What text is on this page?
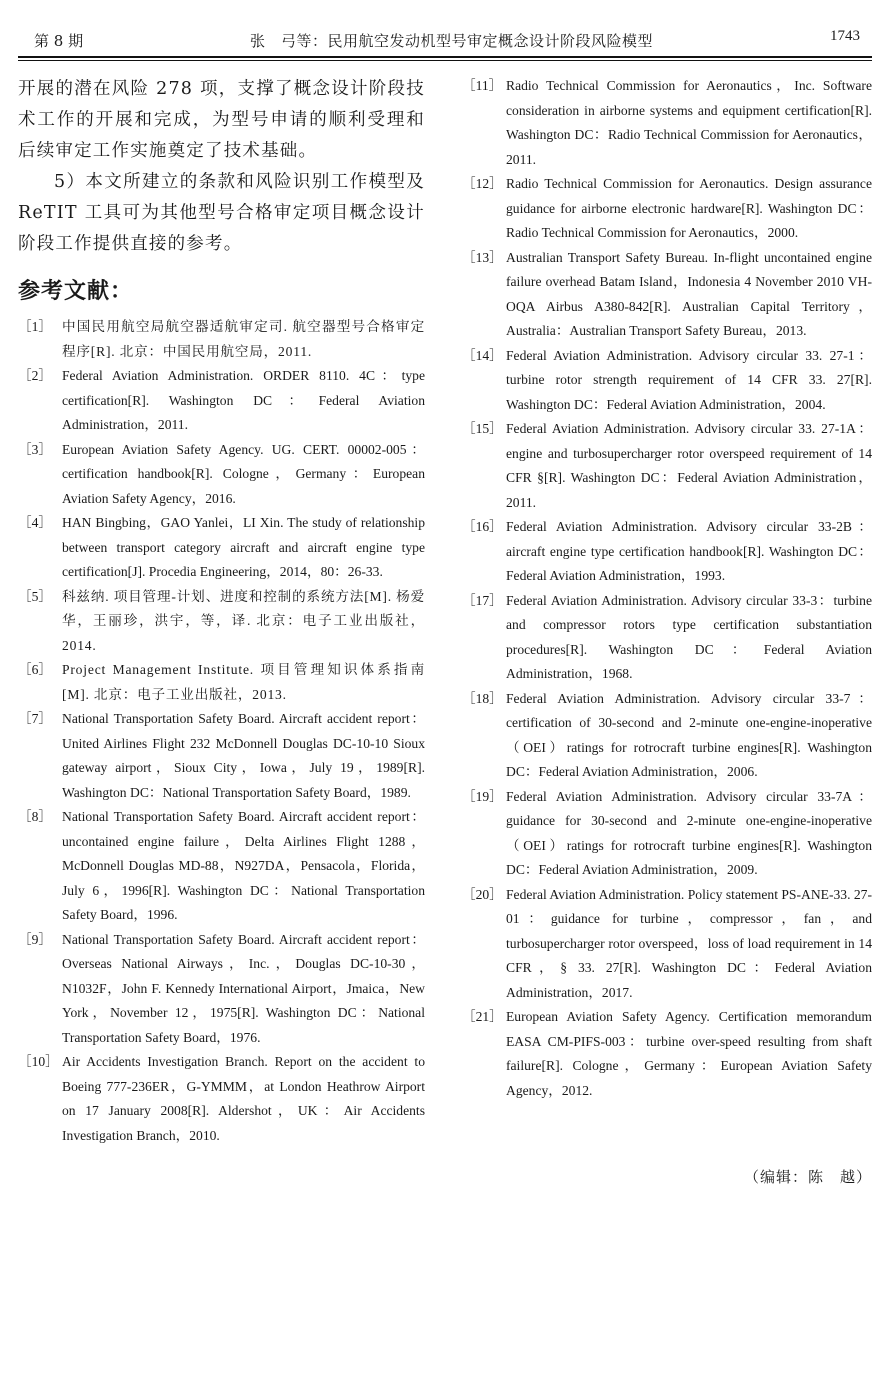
第 8 期	张　弓等：民用航空发动机型号审定概念设计阶段风险模型	1743

开展的潜在风险 278 项，支撑了概念设计阶段技术工作的开展和完成，为型号申请的顺利受理和后续审定工作实施奠定了技术基础。

5）本文所建立的条款和风险识别工作模型及 ReTIT 工具可为其他型号合格审定项目概念设计阶段工作提供直接的参考。

参考文献：

［1］ 中国民用航空局航空器适航审定司. 航空器型号合格审定程序[R]. 北京：中国民用航空局，2011.

［2］ Federal Aviation Administration. ORDER 8110. 4C：type certification[R]. Washington DC：Federal Aviation Administration，2011.

［3］ European Aviation Safety Agency. UG. CERT. 00002-005：certification handbook[R]. Cologne，Germany：European Aviation Safety Agency，2016.

［4］ HAN Bingbing，GAO Yanlei，LI Xin. The study of relationship between transport category aircraft and aircraft engine type certification[J]. Procedia Engineering，2014，80：26-33.

［5］ 科兹纳. 项目管理-计划、进度和控制的系统方法[M]. 杨爱华，王丽珍，洪宇，等，译. 北京：电子工业出版社，2014.

［6］ Project Management Institute. 项目管理知识体系指南[M]. 北京：电子工业出版社，2013.

［7］ National Transportation Safety Board. Aircraft accident report：United Airlines Flight 232 McDonnell Douglas DC-10-10 Sioux gateway airport，Sioux City，Iowa，July 19，1989[R]. Washington DC：National Transportation Safety Board，1989.

［8］ National Transportation Safety Board. Aircraft accident report：uncontained engine failure，Delta Airlines Flight 1288，McDonnell Douglas MD-88，N927DA，Pensacola，Florida，July 6，1996[R]. Washington DC：National Transportation Safety Board，1996.

［9］ National Transportation Safety Board. Aircraft accident report：Overseas National Airways，Inc.，Douglas DC-10-30，N1032F，John F. Kennedy International Airport，Jmaica，New York，November 12，1975[R]. Washington DC：National Transportation Safety Board，1976.

［10］ Air Accidents Investigation Branch. Report on the accident to Boeing 777-236ER，G-YMMM，at London Heathrow Airport on 17 January 2008[R]. Aldershot，UK：Air Accidents Investigation Branch，2010.

［11］ Radio Technical Commission for Aeronautics，Inc. Software consideration in airborne systems and equipment certification[R]. Washington DC：Radio Technical Commission for Aeronautics，2011.

［12］ Radio Technical Commission for Aeronautics. Design assurance guidance for airborne electronic hardware[R]. Washington DC：Radio Technical Commission for Aeronautics，2000.

［13］ Australian Transport Safety Bureau. In-flight uncontained engine failure overhead Batam Island，Indonesia 4 November 2010 VH-OQA Airbus A380-842[R]. Australian Capital Territory，Australia：Australian Transport Safety Bureau，2013.

［14］ Federal Aviation Administration. Advisory circular 33. 27-1：turbine rotor strength requirement of 14 CFR 33. 27[R]. Washington DC：Federal Aviation Administration，2004.

［15］ Federal Aviation Administration. Advisory circular 33. 27-1A：engine and turbosupercharger rotor overspeed requirement of 14 CFR §[R]. Washington DC：Federal Aviation Administration，2011.

［16］ Federal Aviation Administration. Advisory circular 33-2B：aircraft engine type certification handbook[R]. Washington DC：Federal Aviation Administration，1993.

［17］ Federal Aviation Administration. Advisory circular 33-3：turbine and compressor rotors type certification substantiation procedures[R]. Washington DC：Federal Aviation Administration，1968.

［18］ Federal Aviation Administration. Advisory circular 33-7：certification of 30-second and 2-minute one-engine-inoperative（OEI）ratings for rotrocraft turbine engines[R]. Washington DC：Federal Aviation Administration，2006.

［19］ Federal Aviation Administration. Advisory circular 33-7A：guidance for 30-second and 2-minute one-engine-inoperative（OEI）ratings for rotrocraft turbine engines[R]. Washington DC：Federal Aviation Administration，2009.

［20］ Federal Aviation Administration. Policy statement PS-ANE-33. 27-01：guidance for turbine，compressor，fan，and turbosupercharger rotor overspeed，loss of load requirement in 14 CFR，§ 33. 27[R]. Washington DC：Federal Aviation Administration，2017.

［21］ European Aviation Safety Agency. Certification memorandum EASA CM-PIFS-003：turbine over-speed resulting from shaft failure[R]. Cologne，Germany：European Aviation Safety Agency，2012.

（编辑：陈　越）
